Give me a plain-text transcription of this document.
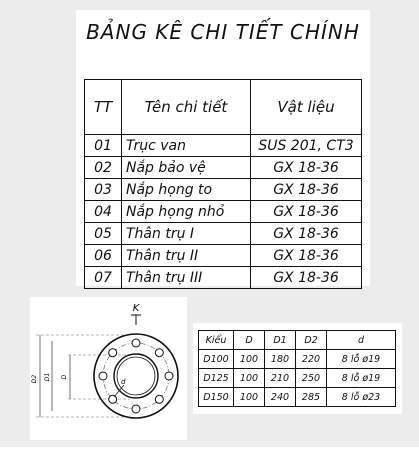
BẢNG KÊ CHI TIẾT CHÍNH
TT	Tên chi tiết	Vật liệu
01	Trục van	SUS 201, CT3
02	Nắp bảo vệ	GX 18-36
03	Nắp họng to	GX 18-36
04	Nắp họng nhỏ	GX 18-36
05	Thân trụ I	GX 18-36
06	Thân trụ II	GX 18-36
07	Thân trụ III	GX 18-36
K
D2 D1 D
d
Kiểu	D	D1	D2	d
D100	100	180	220	8 lỗ ø19
D125	100	210	250	8 lỗ ø19
D150	100	240	285	8 lỗ ø23
